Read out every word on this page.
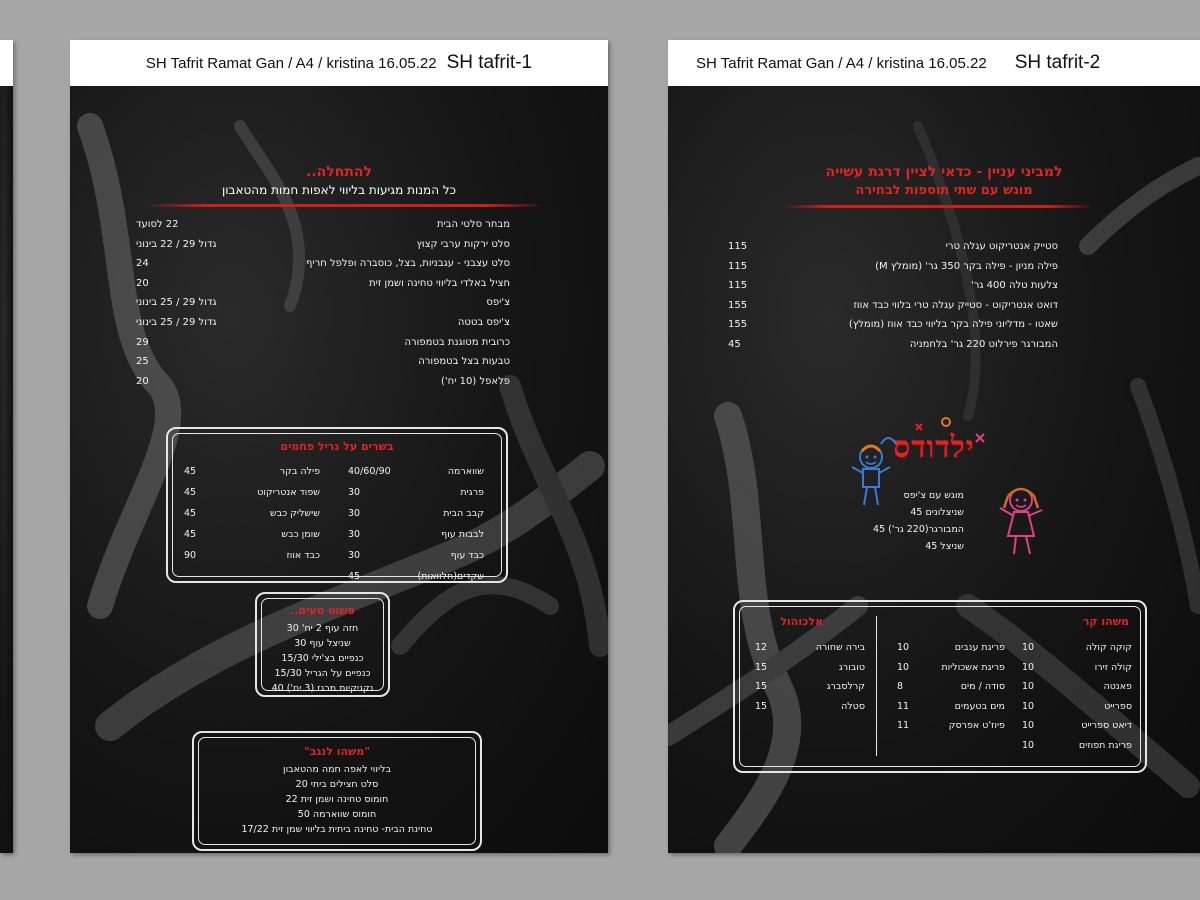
SH Tafrit Ramat Gan / A4 / kristina 16.05.22 SH tafrit-1
להתחלה..
כל המנות מגיעות בליווי לאפות חמות מהטאבון
מבחר סלטי הבית
22 לסועד
סלט ירקות ערבי קצוץ
גדול 29 / 22 בינוני
סלט עצבני - עגבניות, בצל, כוסברה ופלפל חריף
24
חציל באלדי בליווי טחינה ושמן זית
20
צ'יפס
גדול 29 / 25 בינוני
צ'יפס בטטה
גדול 29 / 25 בינוני
כרובית מטוגנת בטמפורה
29
טבעות בצל בטמפורה
25
פלאפל (10 יח')
20
בשרים על גריל פחמים
שווארמה
40/60/90
פרגית
30
קבב הבית
30
לבבות עוף
30
כבד עוף
30
שקדים(חלוואות)
45
פילה בקר
45
שפוד אנטריקוט
45
שישליק כבש
45
שומן כבש
45
כבד אווז
90
פשוט טעים..
חזה עוף 2 יח' 30
שניצל עוף 30
כנפיים בצ'ילי 15/30
כנפיים על הגריל 15/30
נקניקיות מרגז (3 יח') 40
"משהו לנגב"
בליווי לאפה חמה מהטאבון
סלט חצילים ביתי 20
חומוס טחינה ושמן זית 22
חומוס שווארמה 50
טחינת הבית- טחינה ביתית בליווי שמן זית 17/22
SH Tafrit Ramat Gan / A4 / kristina 16.05.22 SH tafrit-2
למביני עניין - כדאי לציין דרגת עשייה
מוגש עם שתי תוספות לבחירה
סטייק אנטריקוט עגלה טרי
115
פילה מניון - פילה בקר 350 גר' (מומלץ M)
115
צלעות טלה 400 גר'
115
דואט אנטריקוט - סטייק עגלה טרי בלווי כבד אווז
155
שאטו - מדליוני פילה בקר בליווי כבד אווז (מומלץ)
155
המבורגר פירלוט 220 גר' בלחמניה
45
ילדודס
מוגש עם צ'יפס
שניצלונים 45
המבורגר(220 גר') 45
שניצל 45
משהו קר
אלכוהול
קוקה קולה
10
קולה זירו
10
פאנטה
10
ספרייט
10
דיאט ספרייט
10
פריגת תפוזים
10
פריגת ענבים
10
פריגת אשכוליות
10
סודה / מים
8
מים בטעמים
11
פיוז'ט אפרסק
11
בירה שחורה
12
טובורג
15
קרלסברג
15
סטלה
15
